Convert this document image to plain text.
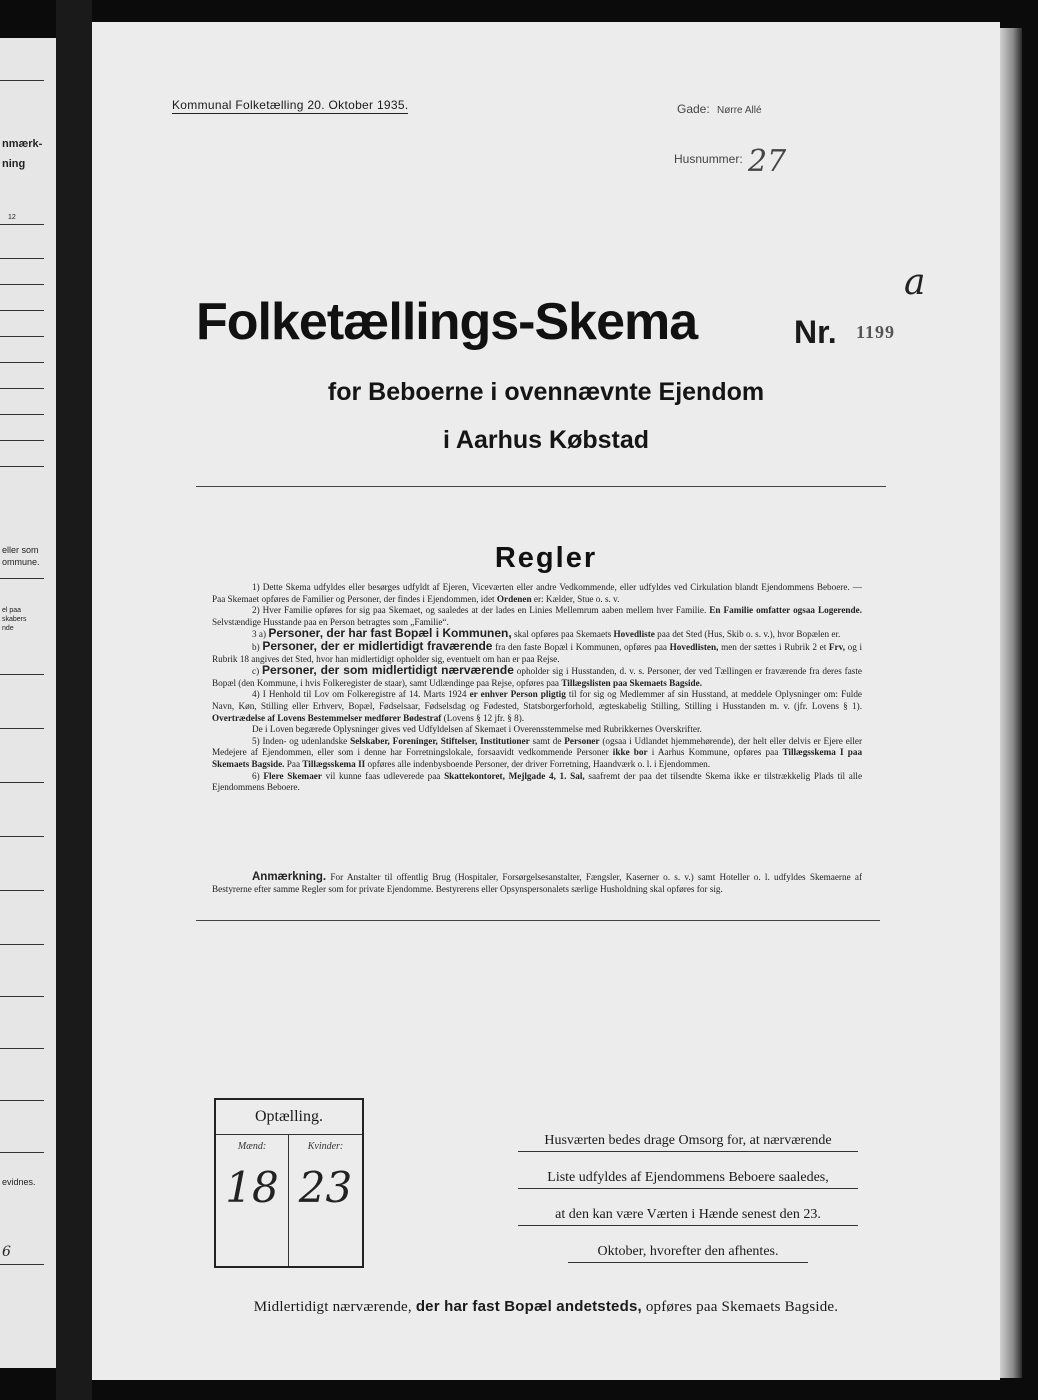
nmærk-
ning
12
eller som
ommune.
el paa
skabers
nde
evidnes.
6
Kommunal Folketælling 20. Oktober 1935.	Gade: Nørre Allé
Husnummer: 27
a
Folketællings-Skema	Nr. 1199
for Beboerne i ovennævnte Ejendom
i Aarhus Købstad
Regler

1) Dette Skema udfyldes eller besørges udfyldt af Ejeren, Viceværten eller andre Vedkommende, eller udfyldes ved Cirkulation blandt Ejendommens Beboere. — Paa Skemaet opføres de Familier og Personer, der findes i Ejendommen, idet Ordenen er: Kælder, Stue o. s. v.

2) Hver Familie opføres for sig paa Skemaet, og saaledes at der lades en Linies Mellemrum aaben mellem hver Familie. En Familie omfatter ogsaa Logerende. Selvstændige Husstande paa en Person betragtes som „Familie“.

3 a) Personer, der har fast Bopæl i Kommunen, skal opføres paa Skemaets Hovedliste paa det Sted (Hus, Skib o. s. v.), hvor Bopælen er.

b) Personer, der er midlertidigt fraværende fra den faste Bopæl i Kommunen, opføres paa Hovedlisten, men der sættes i Rubrik 2 et Frv, og i Rubrik 18 angives det Sted, hvor han midlertidigt opholder sig, eventuelt om han er paa Rejse.

c) Personer, der som midlertidigt nærværende opholder sig i Husstanden, d. v. s. Personer, der ved Tællingen er fraværende fra deres faste Bopæl (den Kommune, i hvis Folkeregister de staar), samt Udlændinge paa Rejse, opføres paa Tillægslisten paa Skemaets Bagside.

4) I Henhold til Lov om Folkeregistre af 14. Marts 1924 er enhver Person pligtig til for sig og Medlemmer af sin Husstand, at meddele Oplysninger om: Fulde Navn, Køn, Stilling eller Erhverv, Bopæl, Fødselsaar, Fødselsdag og Fødested, Statsborgerforhold, ægteskabelig Stilling, Stilling i Husstanden m. v. (jfr. Lovens § 1). Overtrædelse af Lovens Bestemmelser medfører Bødestraf (Lovens § 12 jfr. § 8).

De i Loven begærede Oplysninger gives ved Udfyldelsen af Skemaet i Overensstemmelse med Rubrikkernes Overskrifter.

5) Inden- og udenlandske Selskaber, Foreninger, Stiftelser, Institutioner samt de Personer (ogsaa i Udlandet hjemmehørende), der helt eller delvis er Ejere eller Medejere af Ejendommen, eller som i denne har Forretningslokale, forsaavidt vedkommende Personer ikke bor i Aarhus Kommune, opføres paa Tillægsskema I paa Skemaets Bagside. Paa Tillægsskema II opføres alle indenbysboende Personer, der driver Forretning, Haandværk o. l. i Ejendommen.

6) Flere Skemaer vil kunne faas udleverede paa Skattekontoret, Mejlgade 4, 1. Sal, saafremt der paa det tilsendte Skema ikke er tilstrækkelig Plads til alle Ejendommens Beboere.

Anmærkning. For Anstalter til offentlig Brug (Hospitaler, Forsørgelsesanstalter, Fængsler, Kaserner o. s. v.) samt Hoteller o. l. udfyldes Skemaerne af Bestyrerne efter samme Regler som for private Ejendomme. Bestyrerens eller Opsynspersonalets særlige Husholdning skal opføres for sig.

Optælling.
Mænd:
18
Kvinder:
23
Husværten bedes drage Omsorg for, at nærværende
Liste udfyldes af Ejendommens Beboere saaledes,
at den kan være Værten i Hænde senest den 23.
Oktober, hvorefter den afhentes.
Midlertidigt nærværende, der har fast Bopæl andetsteds, opføres paa Skemaets Bagside.
